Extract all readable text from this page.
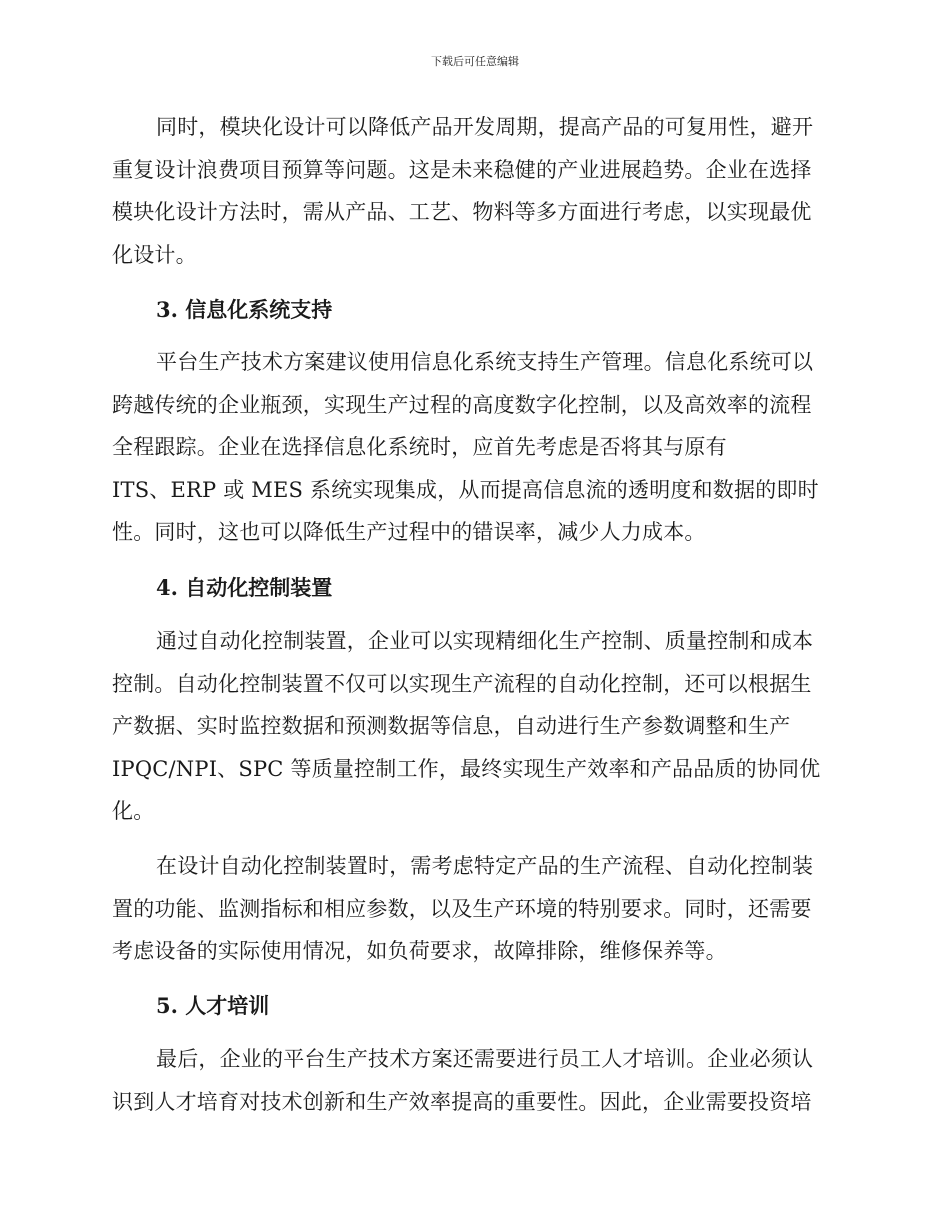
下载后可任意编辑
同时，模块化设计可以降低产品开发周期，提高产品的可复用性，避开
重复设计浪费项目预算等问题。这是未来稳健的产业进展趋势。企业在选择
模块化设计方法时，需从产品、工艺、物料等多方面进行考虑，以实现最优
化设计。
3. 信息化系统支持
平台生产技术方案建议使用信息化系统支持生产管理。信息化系统可以
跨越传统的企业瓶颈，实现生产过程的高度数字化控制，以及高效率的流程
全程跟踪。企业在选择信息化系统时，应首先考虑是否将其与原有
ITS、ERP 或 MES 系统实现集成，从而提高信息流的透明度和数据的即时
性。同时，这也可以降低生产过程中的错误率，减少人力成本。
4. 自动化控制装置
通过自动化控制装置，企业可以实现精细化生产控制、质量控制和成本
控制。自动化控制装置不仅可以实现生产流程的自动化控制，还可以根据生
产数据、实时监控数据和预测数据等信息，自动进行生产参数调整和生产
IPQC/NPI、SPC 等质量控制工作，最终实现生产效率和产品品质的协同优
化。
在设计自动化控制装置时，需考虑特定产品的生产流程、自动化控制装
置的功能、监测指标和相应参数，以及生产环境的特别要求。同时，还需要
考虑设备的实际使用情况，如负荷要求，故障排除，维修保养等。
5. 人才培训
最后，企业的平台生产技术方案还需要进行员工人才培训。企业必须认
识到人才培育对技术创新和生产效率提高的重要性。因此，企业需要投资培
